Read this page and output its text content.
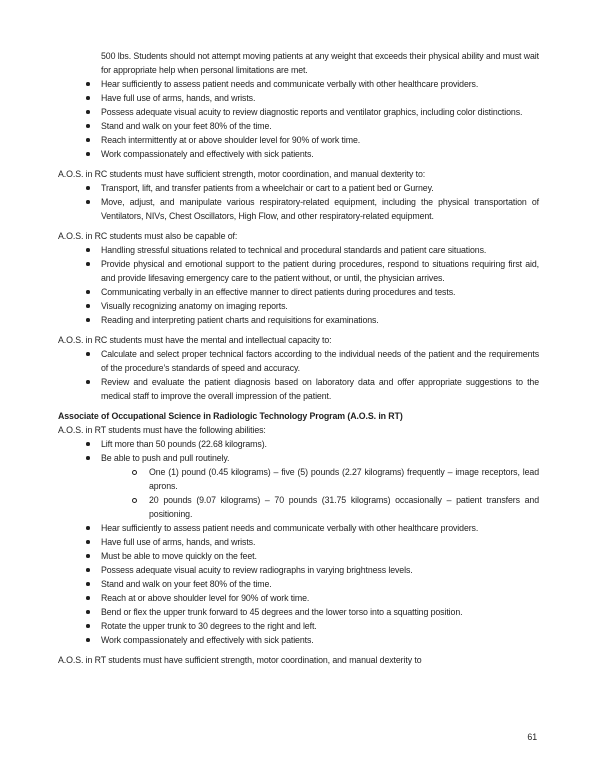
500 lbs. Students should not attempt moving patients at any weight that exceeds their physical ability and must wait for appropriate help when personal limitations are met.

Hear sufficiently to assess patient needs and communicate verbally with other healthcare providers.
Have full use of arms, hands, and wrists.
Possess adequate visual acuity to review diagnostic reports and ventilator graphics, including color distinctions.
Stand and walk on your feet 80% of the time.
Reach intermittently at or above shoulder level for 90% of work time.
Work compassionately and effectively with sick patients.

A.O.S. in RC students must have sufficient strength, motor coordination, and manual dexterity to:

Transport, lift, and transfer patients from a wheelchair or cart to a patient bed or Gurney.
Move, adjust, and manipulate various respiratory-related equipment, including the physical transportation of Ventilators, NIVs, Chest Oscillators, High Flow, and other respiratory-related equipment.

A.O.S. in RC students must also be capable of:

Handling stressful situations related to technical and procedural standards and patient care situations.
Provide physical and emotional support to the patient during procedures, respond to situations requiring first aid, and provide lifesaving emergency care to the patient without, or until, the physician arrives.
Communicating verbally in an effective manner to direct patients during procedures and tests.
Visually recognizing anatomy on imaging reports.
Reading and interpreting patient charts and requisitions for examinations.

A.O.S. in RC students must have the mental and intellectual capacity to:

Calculate and select proper technical factors according to the individual needs of the patient and the requirements of the procedure’s standards of speed and accuracy.
Review and evaluate the patient diagnosis based on laboratory data and offer appropriate suggestions to the medical staff to improve the overall impression of the patient.
Associate of Occupational Science in Radiologic Technology Program (A.O.S. in RT)

A.O.S. in RT students must have the following abilities:

Lift more than 50 pounds (22.68 kilograms).
Be able to push and pull routinely.
One (1) pound (0.45 kilograms) – five (5) pounds (2.27 kilograms) frequently – image receptors, lead aprons.
20 pounds (9.07 kilograms) – 70 pounds (31.75 kilograms) occasionally – patient transfers and positioning.
Hear sufficiently to assess patient needs and communicate verbally with other healthcare providers.
Have full use of arms, hands, and wrists.
Must be able to move quickly on the feet.
Possess adequate visual acuity to review radiographs in varying brightness levels.
Stand and walk on your feet 80% of the time.
Reach at or above shoulder level for 90% of work time.
Bend or flex the upper trunk forward to 45 degrees and the lower torso into a squatting position.
Rotate the upper trunk to 30 degrees to the right and left.
Work compassionately and effectively with sick patients.

A.O.S. in RT students must have sufficient strength, motor coordination, and manual dexterity to

61
